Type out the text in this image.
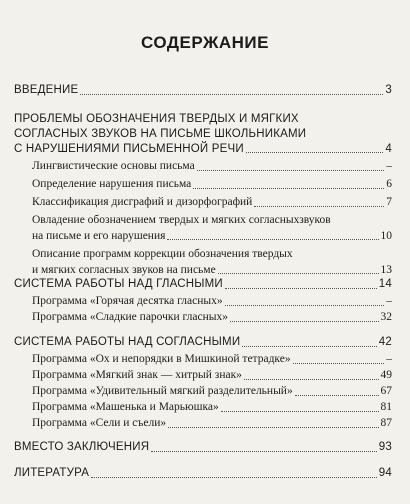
СОДЕРЖАНИЕ
ВВЕДЕНИЕ	3
ПРОБЛЕМЫ ОБОЗНАЧЕНИЯ ТВЕРДЫХ И МЯГКИХ
СОГЛАСНЫХ ЗВУКОВ НА ПИСЬМЕ ШКОЛЬНИКАМИ
С НАРУШЕНИЯМИ ПИСЬМЕННОЙ РЕЧИ	4
Лингвистические основы письма	–
Определение нарушения письма	6
Классификация дисграфий и дизорфографий	7
Овладение обозначением твердых и мягких согласныхзвуков
на письме и его нарушения	10
Описание программ коррекции обозначения твердых
и мягких согласных звуков на письме	13
СИСТЕМА РАБОТЫ НАД ГЛАСНЫМИ	14
Программа «Горячая десятка гласных»	–
Программа «Сладкие парочки гласных»	32
СИСТЕМА РАБОТЫ НАД СОГЛАСНЫМИ	42
Программа «Ох и непорядки в Мишкиной тетрадке»	–
Программа «Мягкий знак — хитрый знак»	49
Программа «Удивительный мягкий разделительный»	67
Программа «Машенька и Марьюшка»	81
Программа «Сели и съели»	87
ВМЕСТО ЗАКЛЮЧЕНИЯ	93
ЛИТЕРАТУРА	94
